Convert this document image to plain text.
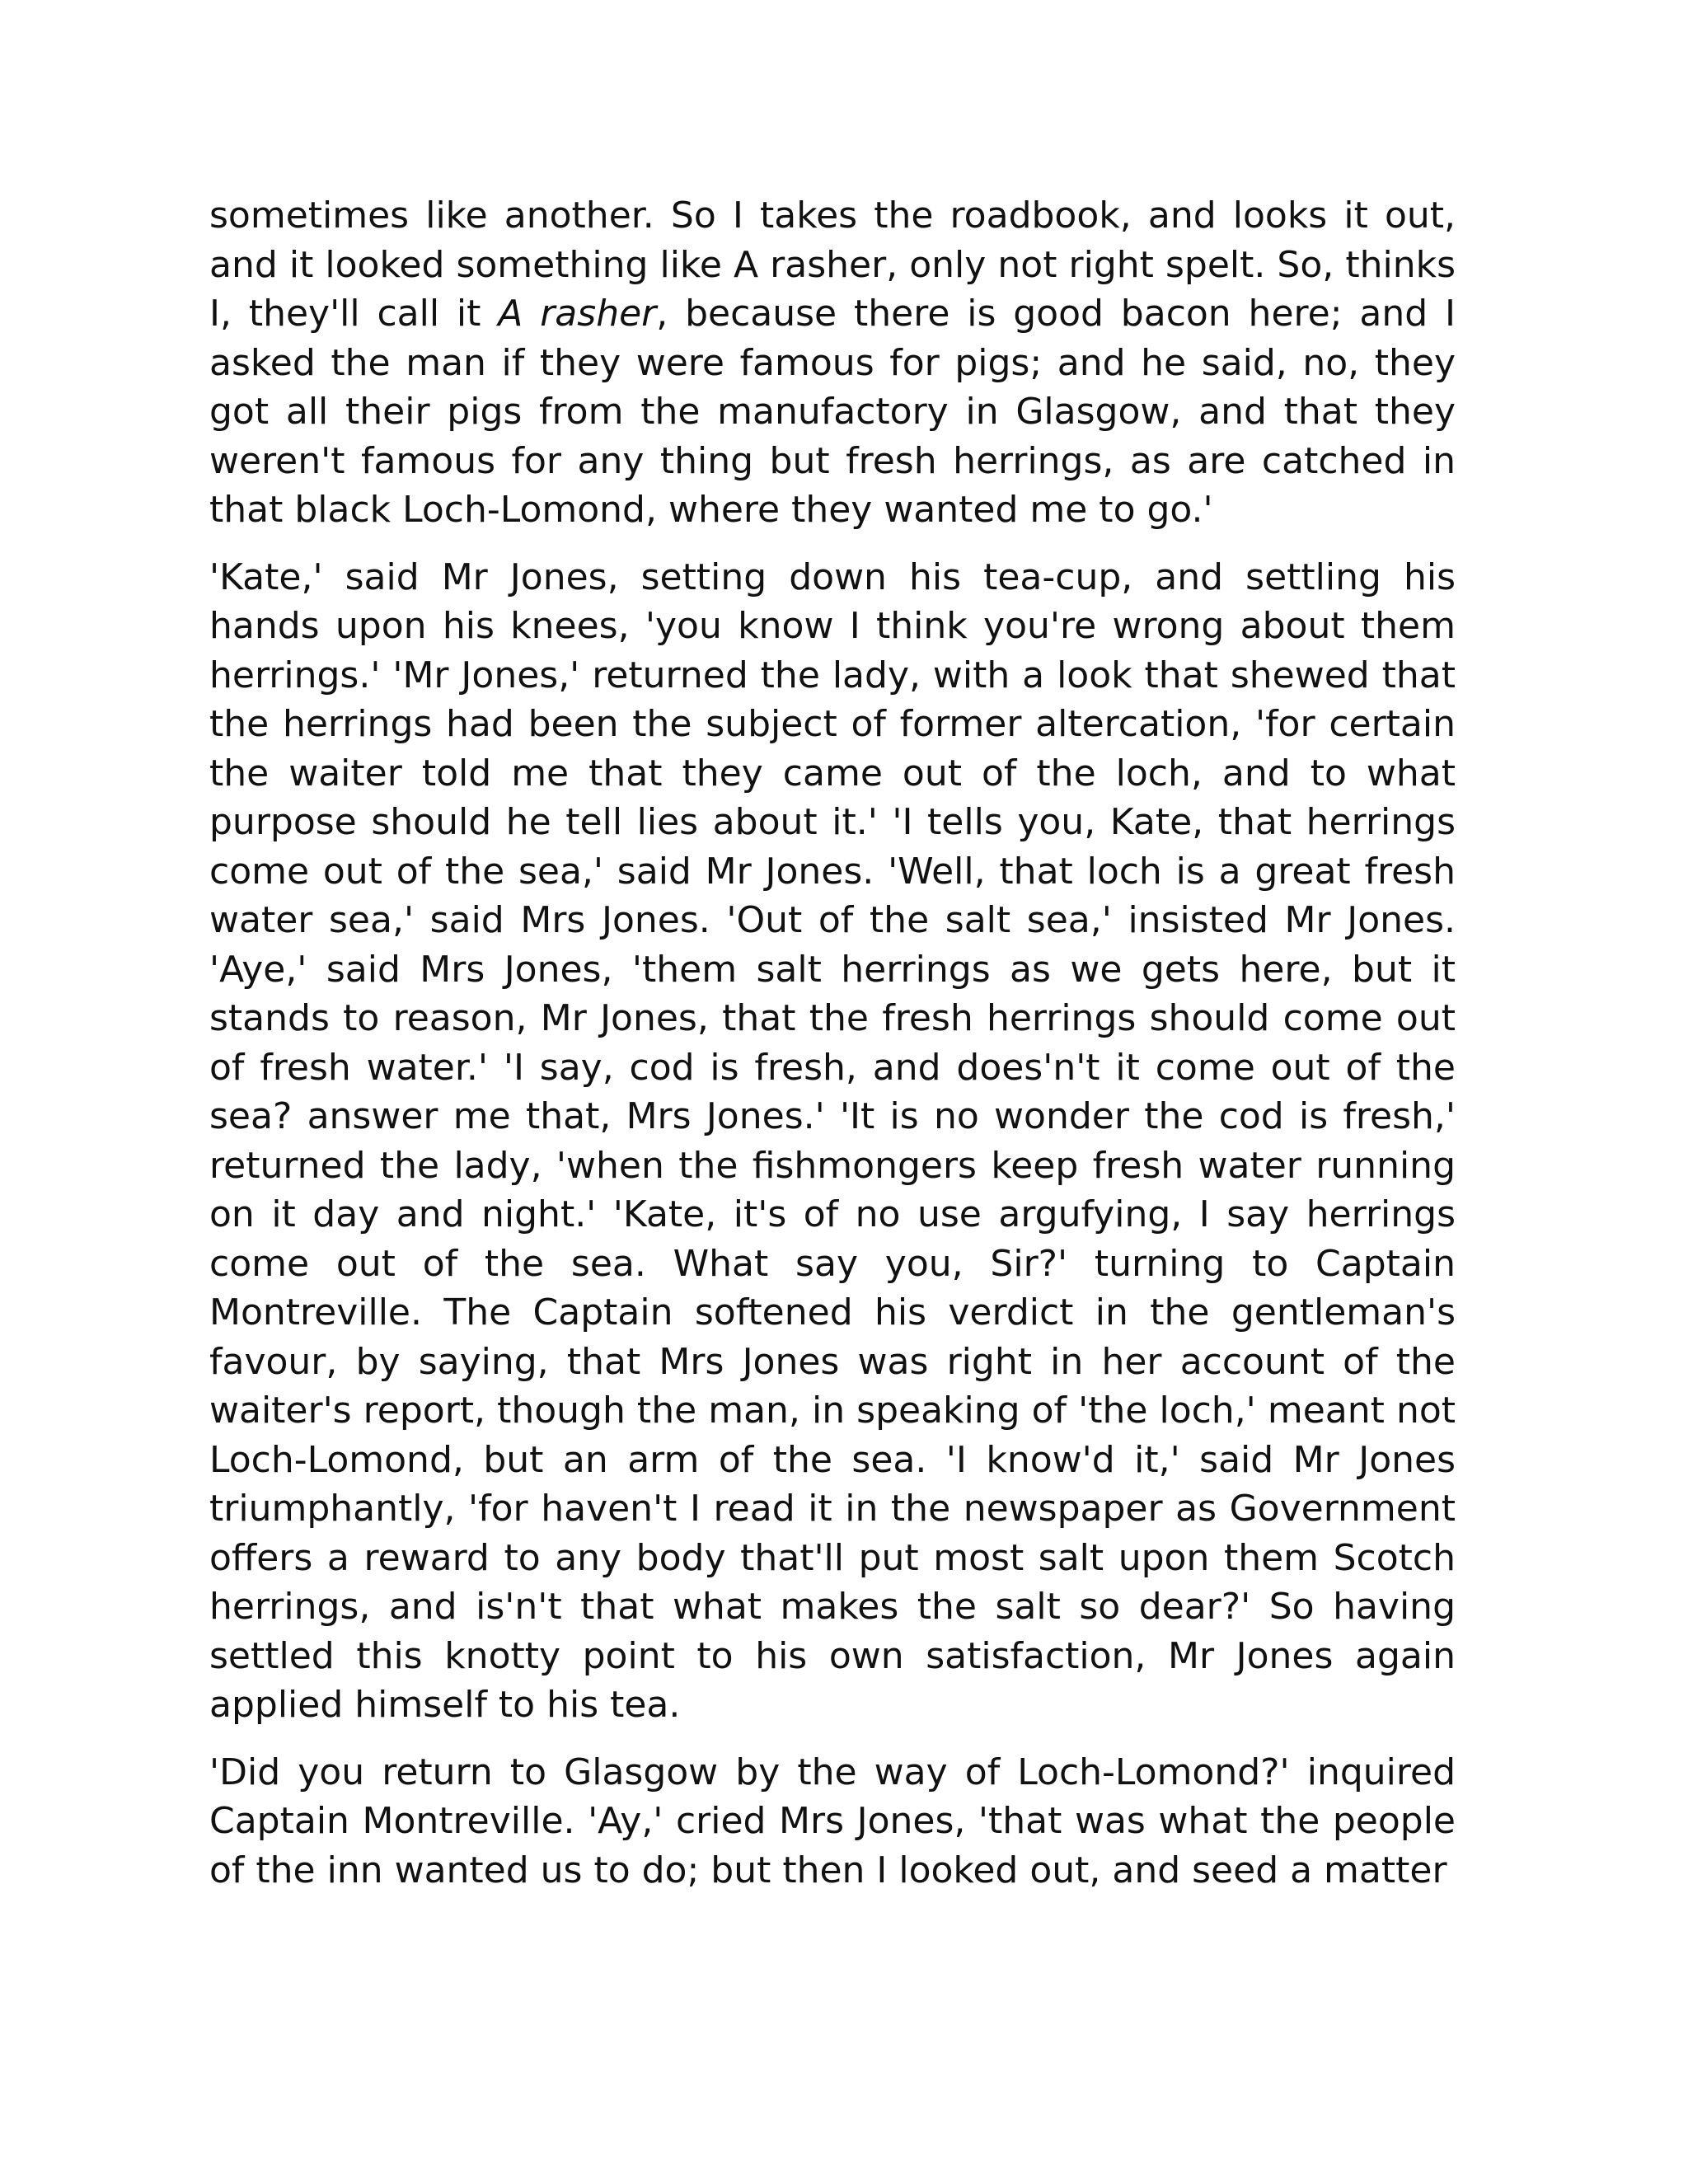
sometimes like another. So I takes the roadbook, and looks it out, and it looked something like A rasher, only not right spelt. So, thinks I, they'll call it A rasher, because there is good bacon here; and I asked the man if they were famous for pigs; and he said, no, they got all their pigs from the manufactory in Glasgow, and that they weren't famous for any thing but fresh herrings, as are catched in that black Loch-Lomond, where they wanted me to go.'

'Kate,' said Mr Jones, setting down his tea-cup, and settling his hands upon his knees, 'you know I think you're wrong about them herrings.' 'Mr Jones,' returned the lady, with a look that shewed that the herrings had been the subject of former altercation, 'for certain the waiter told me that they came out of the loch, and to what purpose should he tell lies about it.' 'I tells you, Kate, that herrings come out of the sea,' said Mr Jones. 'Well, that loch is a great fresh water sea,' said Mrs Jones. 'Out of the salt sea,' insisted Mr Jones. 'Aye,' said Mrs Jones, 'them salt herrings as we gets here, but it stands to reason, Mr Jones, that the fresh herrings should come out of fresh water.' 'I say, cod is fresh, and does'n't it come out of the sea? answer me that, Mrs Jones.' 'It is no wonder the cod is fresh,' returned the lady, 'when the fishmongers keep fresh water running on it day and night.' 'Kate, it's of no use argufying, I say herrings come out of the sea. What say you, Sir?' turning to Captain Montreville. The Captain softened his verdict in the gentleman's favour, by saying, that Mrs Jones was right in her account of the waiter's report, though the man, in speaking of 'the loch,' meant not Loch-Lomond, but an arm of the sea. 'I know'd it,' said Mr Jones triumphantly, 'for haven't I read it in the newspaper as Government offers a reward to any body that'll put most salt upon them Scotch herrings, and is'n't that what makes the salt so dear?' So having settled this knotty point to his own satisfaction, Mr Jones again applied himself to his tea.

'Did you return to Glasgow by the way of Loch-Lomond?' inquired Captain Montreville. 'Ay,' cried Mrs Jones, 'that was what the people of the inn wanted us to do; but then I looked out, and seed a matter
